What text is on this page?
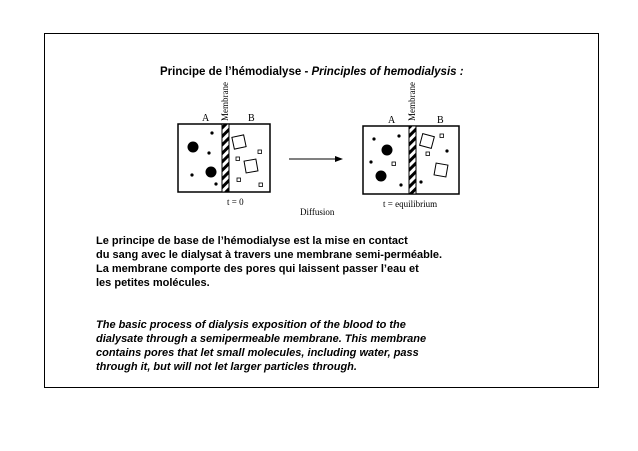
Principe de l’hémodialyse - Principles of hemodialysis :
A	B
Membrane
t = 0
Diffusion
A	B
Membrane
t = equilibrium
Le principe de base de l’hémodialyse est la mise en contact
du sang avec le dialysat à travers une membrane semi-perméable.
La membrane comporte des pores qui laissent passer l’eau et
les petites molécules.
The basic process of dialysis exposition of the blood to the
dialysate through a semipermeable membrane. This membrane
contains pores that let small molecules, including water, pass
through it, but will not let larger particles through.
